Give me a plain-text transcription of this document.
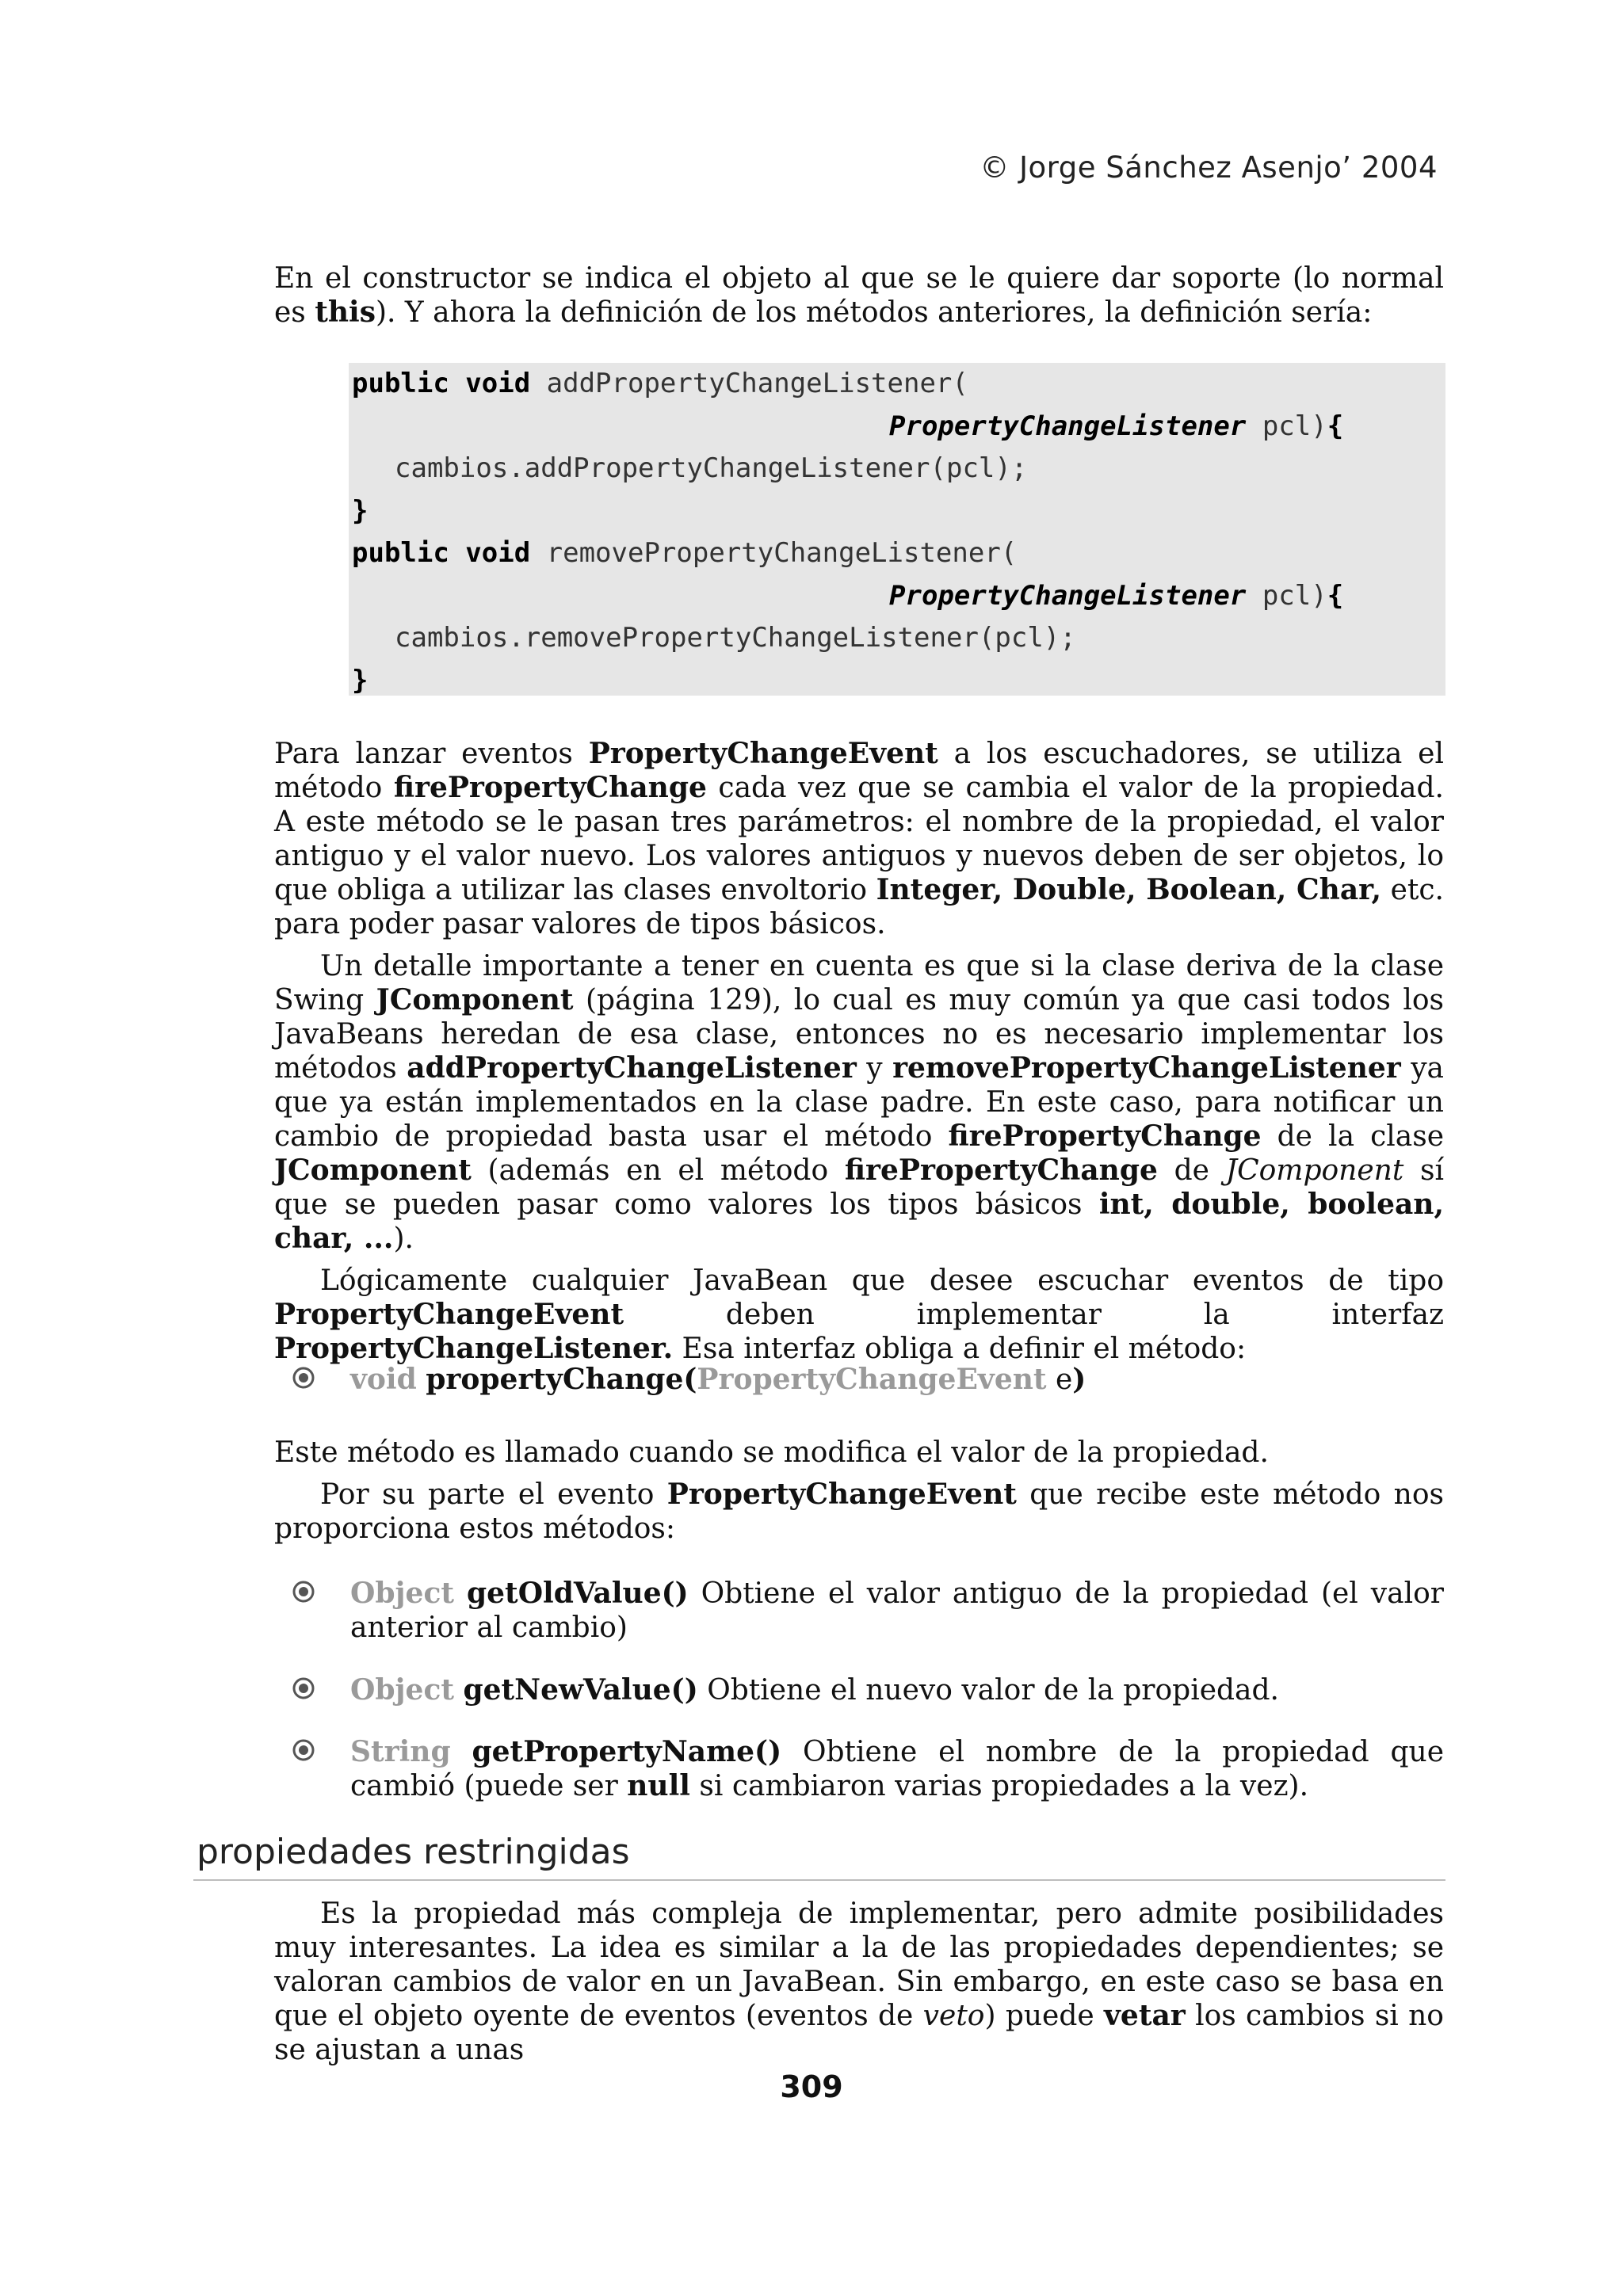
© Jorge Sánchez Asenjo’ 2004

En el constructor se indica el objeto al que se le quiere dar soporte (lo normal es this). Y ahora la definición de los métodos anteriores, la definición sería:

public void addPropertyChangeListener(
PropertyChangeListener pcl){
cambios.addPropertyChangeListener(pcl);
}
public void removePropertyChangeListener(
PropertyChangeListener pcl){
cambios.removePropertyChangeListener(pcl);
}

Para lanzar eventos PropertyChangeEvent a los escuchadores, se utiliza el método firePropertyChange cada vez que se cambia el valor de la propiedad. A este método se le pasan tres parámetros: el nombre de la propiedad, el valor antiguo y el valor nuevo. Los valores antiguos y nuevos deben de ser objetos, lo que obliga a utilizar las clases envoltorio Integer, Double, Boolean, Char, etc. para poder pasar valores de tipos básicos.

Un detalle importante a tener en cuenta es que si la clase deriva de la clase Swing JComponent (página 129), lo cual es muy común ya que casi todos los JavaBeans heredan de esa clase, entonces no es necesario implementar los métodos addPropertyChangeListener y removePropertyChangeListener ya que ya están implementados en la clase padre. En este caso, para notificar un cambio de propiedad basta usar el método firePropertyChange de la clase JComponent (además en el método firePropertyChange de JComponent sí que se pueden pasar como valores los tipos básicos int, double, boolean, char, ...).

Lógicamente cualquier JavaBean que desee escuchar eventos de tipo PropertyChangeEvent deben implementar la interfaz PropertyChangeListener. Esa interfaz obliga a definir el método:

void propertyChange(PropertyChangeEvent e)

Este método es llamado cuando se modifica el valor de la propiedad.

Por su parte el evento PropertyChangeEvent que recibe este método nos proporciona estos métodos:

Object getOldValue() Obtiene el valor antiguo de la propiedad (el valor anterior al cambio)
Object getNewValue() Obtiene el nuevo valor de la propiedad.
String getPropertyName() Obtiene el nombre de la propiedad que cambió (puede ser null si cambiaron varias propiedades a la vez).
propiedades restringidas

Es la propiedad más compleja de implementar, pero admite posibilidades muy interesantes. La idea es similar a la de las propiedades dependientes; se valoran cambios de valor en un JavaBean. Sin embargo, en este caso se basa en que el objeto oyente de eventos (eventos de veto) puede vetar los cambios si no se ajustan a unas

309
